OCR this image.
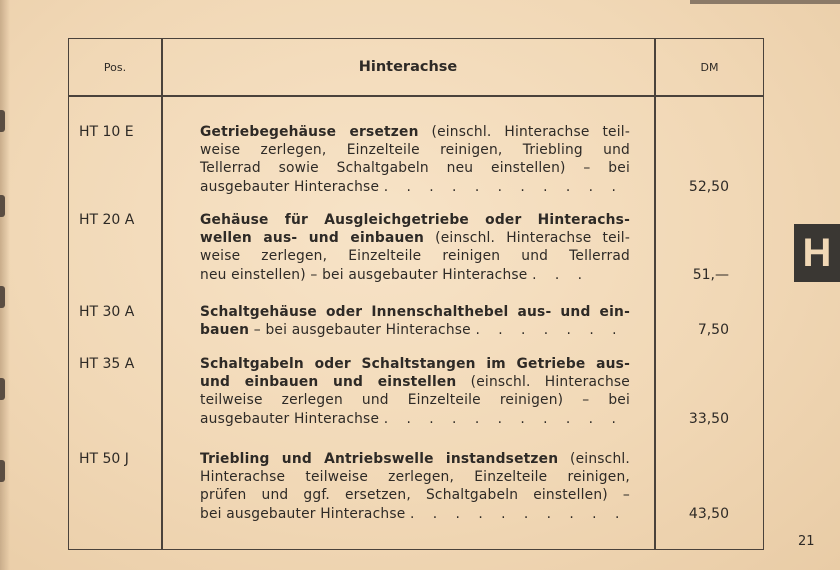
Pos.	Hinterachse	DM
HT 10 E	Getriebegehäuse ersetzen (einschl. Hinterachse teil-
weise zerlegen, Einzelteile reinigen, Triebling und
Tellerrad sowie Schaltgabeln neu einstellen) – bei
ausgebauter Hinterachse . . . . . . . . . . .	52,50
HT 20 A	Gehäuse für Ausgleichgetriebe oder Hinterachs-
wellen aus- und einbauen (einschl. Hinterachse teil-
weise zerlegen, Einzelteile reinigen und Tellerrad
neu einstellen) – bei ausgebauter Hinterachse . . .	51,—
HT 30 A	Schaltgehäuse oder Innenschalthebel aus- und ein-
bauen – bei ausgebauter Hinterachse . . . . . . .	7,50
HT 35 A	Schaltgabeln oder Schaltstangen im Getriebe aus-
und einbauen und einstellen (einschl. Hinterachse
teilweise zerlegen und Einzelteile reinigen) – bei
ausgebauter Hinterachse . . . . . . . . . . .	33,50
HT 50 J	Triebling und Antriebswelle instandsetzen (einschl.
Hinterachse teilweise zerlegen, Einzelteile reinigen,
prüfen und ggf. ersetzen, Schaltgabeln einstellen) –
bei ausgebauter Hinterachse . . . . . . . . . .	43,50
H
21
